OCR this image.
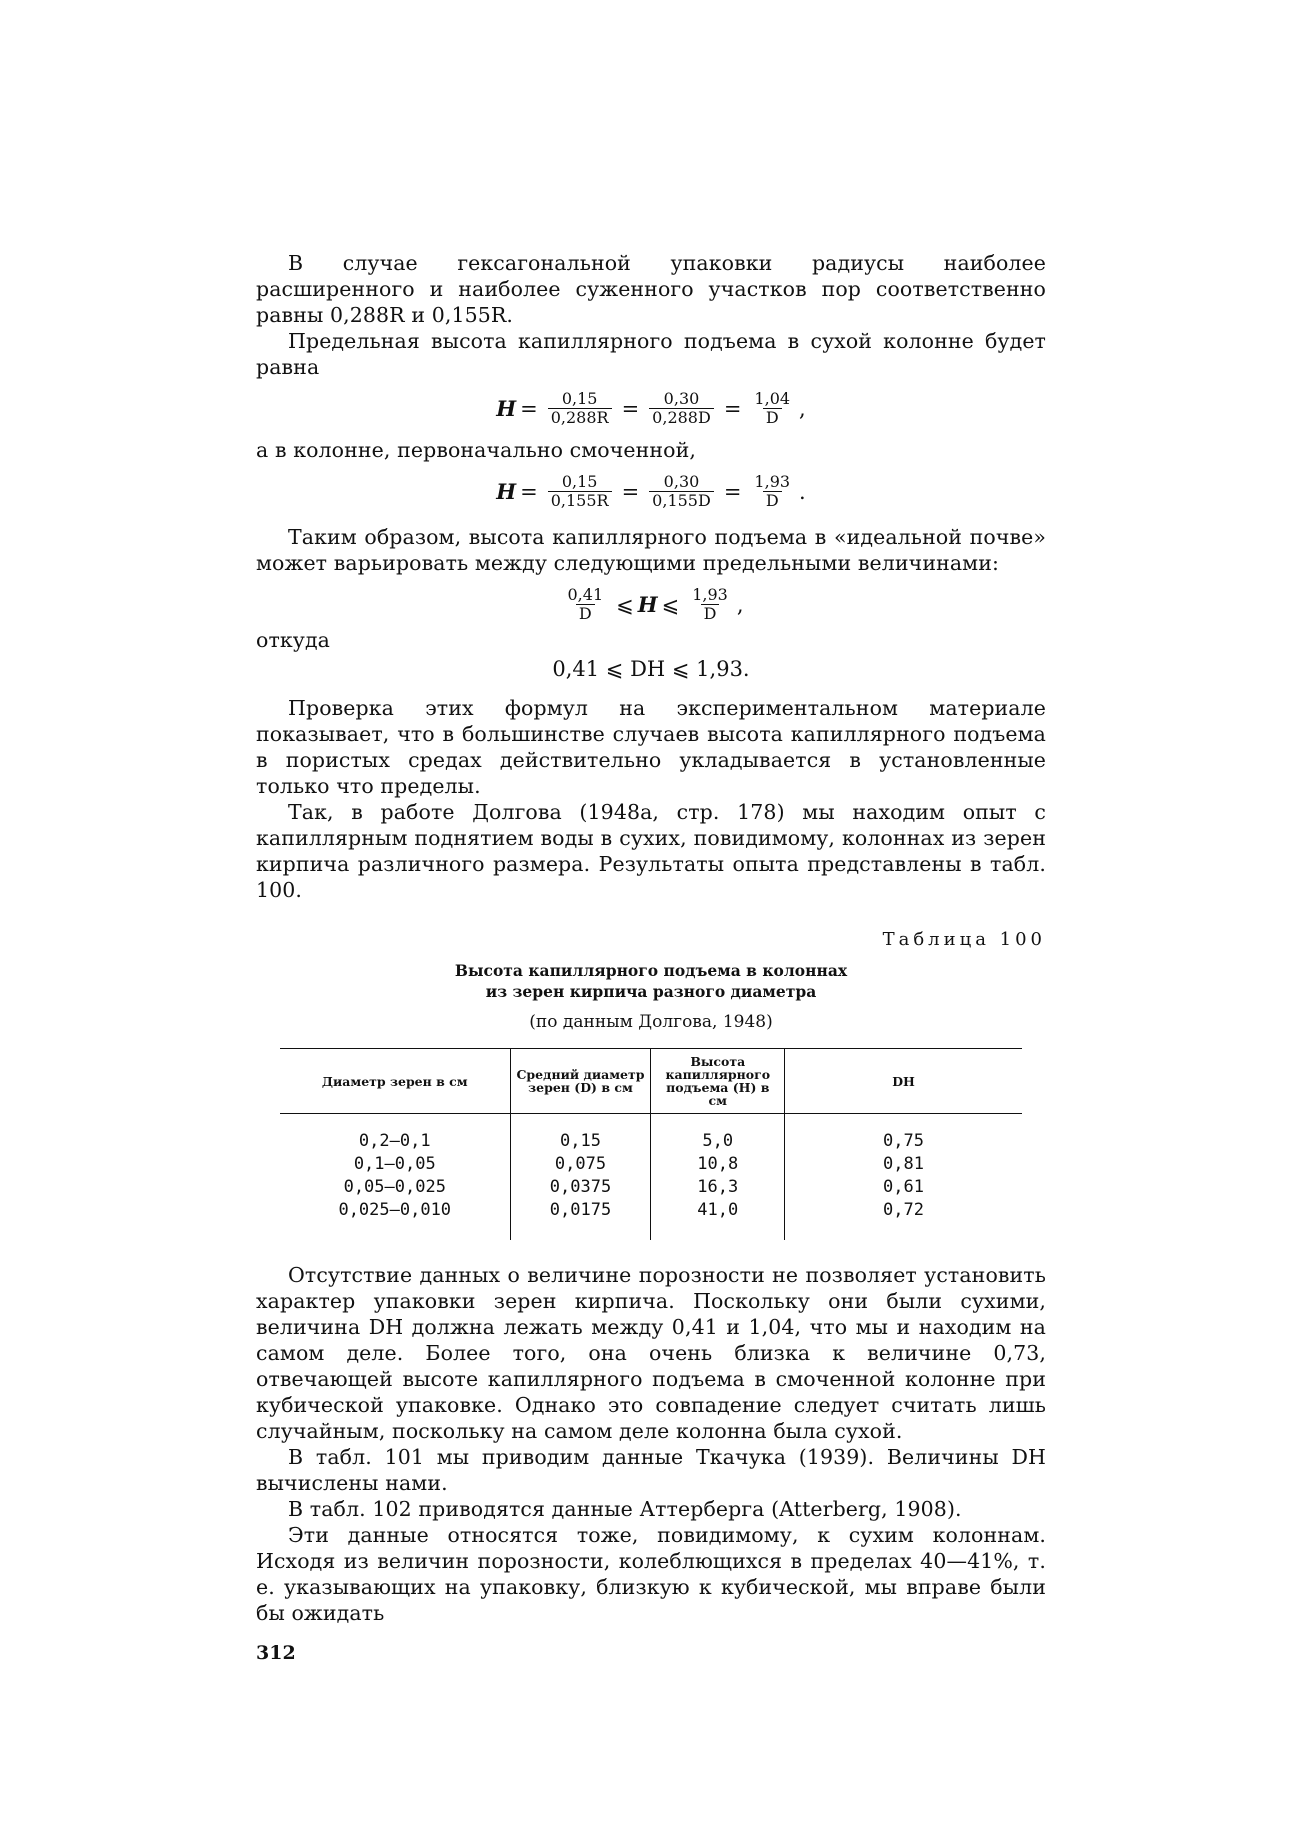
В случае гексагональной упаковки радиусы наиболее расширенного и наиболее суженного участков пор соответственно равны 0,288R и 0,155R.

Предельная высота капиллярного подъема в сухой колонне будет равна

$H = \frac{0,15}{0,288R} = \frac{0,30}{0,288D} = \frac{1,04}{D}$ ,

а в колонне, первоначально смоченной,

$H = \frac{0,15}{0,155R} = \frac{0,30}{0,155D} = \frac{1,93}{D}$ .

Таким образом, высота капиллярного подъема в «идеальной почве» может варьировать между следующими предельными величинами:

$\frac{0,41}{D}$ ⩽ H ⩽ $\frac{1,93}{D}$ ,

откуда

0,41 ⩽ DH ⩽ 1,93.

Проверка этих формул на экспериментальном материале показывает, что в большинстве случаев высота капиллярного подъема в пористых средах действительно укладывается в установленные только что пределы.

Так, в работе Долгова (1948а, стр. 178) мы находим опыт с капиллярным поднятием воды в сухих, повидимому, колоннах из зерен кирпича различного размера. Результаты опыта представлены в табл. 100.

Таблица 100

Высота капиллярного подъема в колоннах

из зерен кирпича разного диаметра

(по данным Долгова, 1948)

Диаметр зерен в см	Средний диаметр зерен (D) в см	Высота капиллярного подъема (H) в см	DH
0,2—0,1	0,15	5,0	0,75
0,1—0,05	0,075	10,8	0,81
0,05—0,025	0,0375	16,3	0,61
0,025—0,010	0,0175	41,0	0,72

Отсутствие данных о величине порозности не позволяет установить характер упаковки зерен кирпича. Поскольку они были сухими, величина DH должна лежать между 0,41 и 1,04, что мы и находим на самом деле. Более того, она очень близка к величине 0,73, отвечающей высоте капиллярного подъема в смоченной колонне при кубической упаковке. Однако это совпадение следует считать лишь случайным, поскольку на самом деле колонна была сухой.

В табл. 101 мы приводим данные Ткачука (1939). Величины DH вычислены нами.

В табл. 102 приводятся данные Аттерберга (Atterberg, 1908).

Эти данные относятся тоже, повидимому, к сухим колоннам. Исходя из величин порозности, колеблющихся в пределах 40—41%, т. е. указывающих на упаковку, близкую к кубической, мы вправе были бы ожидать

312
